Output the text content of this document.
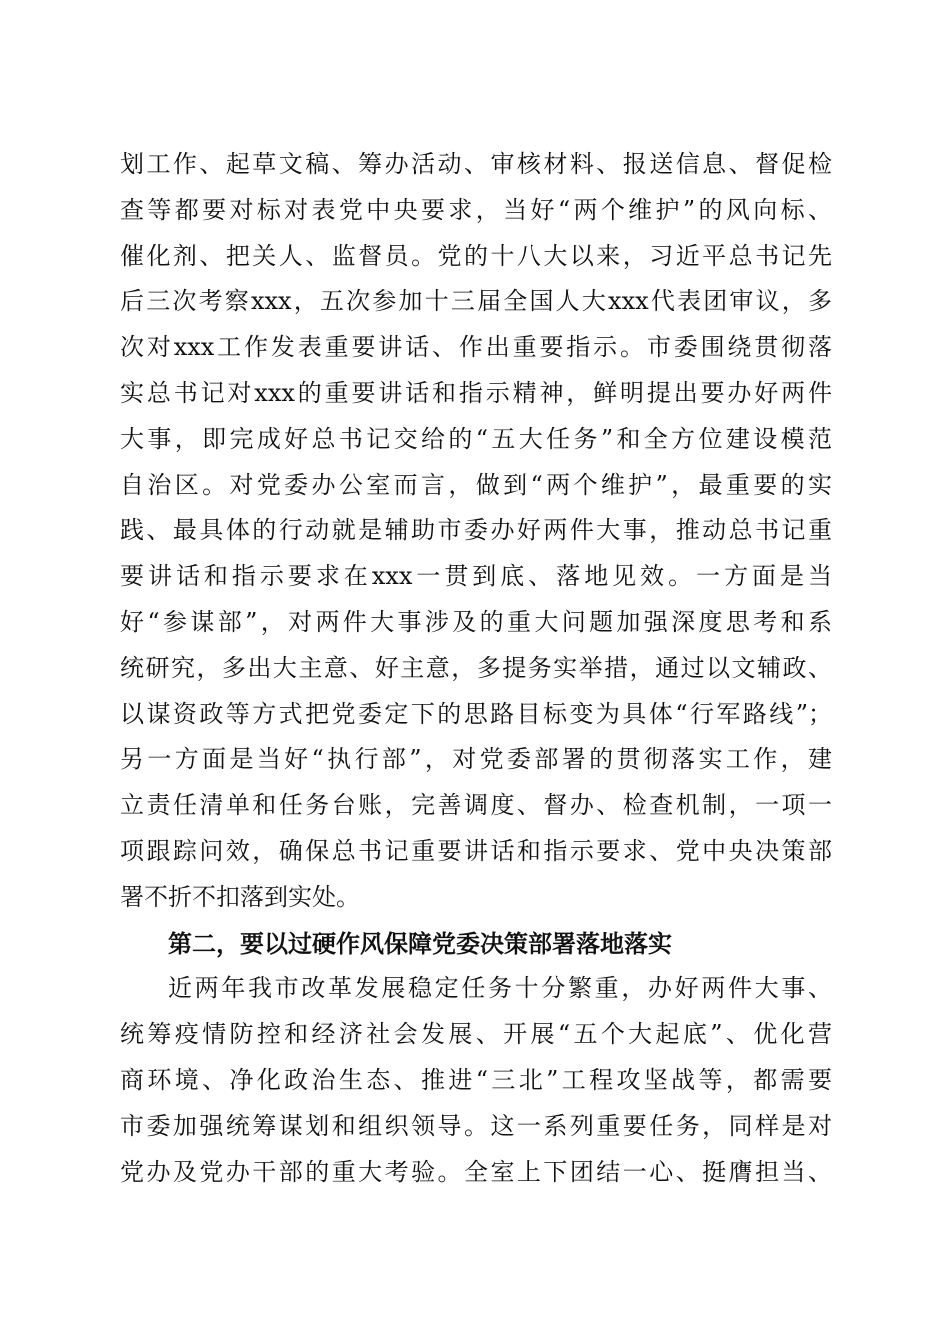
划工作、起草文稿、筹办活动、审核材料、报送信息、督促检
查等都要对标对表党中央要求，当好“两个维护”的风向标、
催化剂、把关人、监督员。党的十八大以来，习近平总书记先
后三次考察xxx，五次参加十三届全国人大xxx代表团审议，多
次对xxx工作发表重要讲话、作出重要指示。市委围绕贯彻落
实总书记对xxx的重要讲话和指示精神，鲜明提出要办好两件
大事，即完成好总书记交给的“五大任务”和全方位建设模范
自治区。对党委办公室而言，做到“两个维护”，最重要的实
践、最具体的行动就是辅助市委办好两件大事，推动总书记重
要讲话和指示要求在xxx一贯到底、落地见效。一方面是当
好“参谋部”，对两件大事涉及的重大问题加强深度思考和系
统研究，多出大主意、好主意，多提务实举措，通过以文辅政、
以谋资政等方式把党委定下的思路目标变为具体“行军路线”；
另一方面是当好“执行部”，对党委部署的贯彻落实工作，建
立责任清单和任务台账，完善调度、督办、检查机制，一项一
项跟踪问效，确保总书记重要讲话和指示要求、党中央决策部
署不折不扣落到实处。
第二，要以过硬作风保障党委决策部署落地落实
近两年我市改革发展稳定任务十分繁重，办好两件大事、
统筹疫情防控和经济社会发展、开展“五个大起底”、优化营
商环境、净化政治生态、推进“三北”工程攻坚战等，都需要
市委加强统筹谋划和组织领导。这一系列重要任务，同样是对
党办及党办干部的重大考验。全室上下团结一心、挺膺担当、
